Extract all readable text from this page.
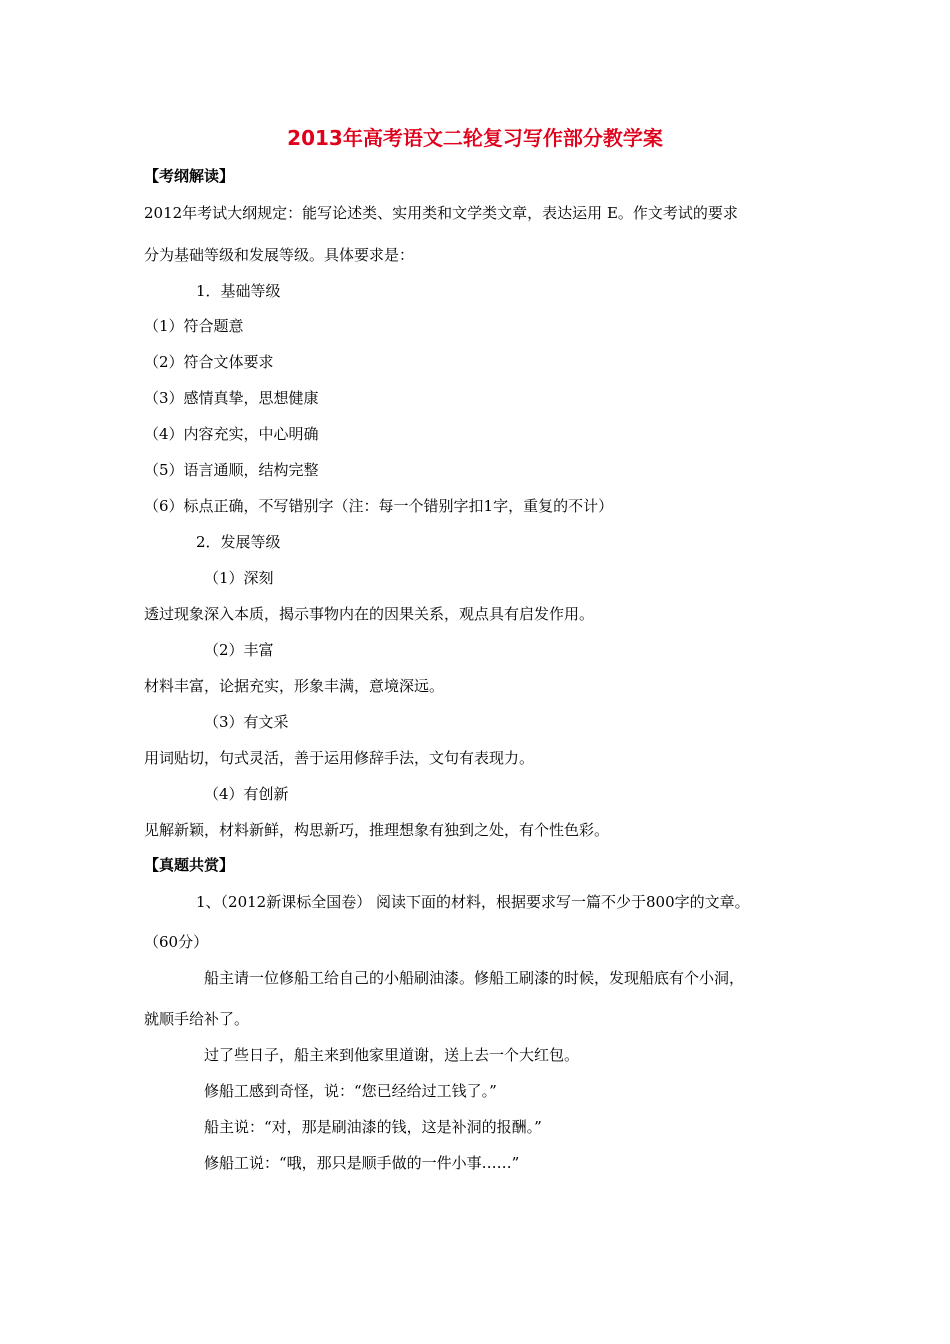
2013年高考语文二轮复习写作部分教学案
【考纲解读】
2012年考试大纲规定：能写论述类、实用类和文学类文章，表达运用 E。作文考试的要求
分为基础等级和发展等级。具体要求是：
1．基础等级
（1）符合题意
（2）符合文体要求
（3）感情真挚，思想健康
（4）内容充实，中心明确
（5）语言通顺，结构完整
（6）标点正确，不写错别字（注：每一个错别字扣1字，重复的不计）
2．发展等级
（1）深刻
透过现象深入本质，揭示事物内在的因果关系，观点具有启发作用。
（2）丰富
材料丰富，论据充实，形象丰满，意境深远。
（3）有文采
用词贴切，句式灵活，善于运用修辞手法，文句有表现力。
（4）有创新
见解新颖，材料新鲜，构思新巧，推理想象有独到之处，有个性色彩。
【真题共赏】
1、（2012新课标全国卷） 阅读下面的材料，根据要求写一篇不少于800字的文章。
（60分）
船主请一位修船工给自己的小船刷油漆。修船工刷漆的时候，发现船底有个小洞，
就顺手给补了。
过了些日子，船主来到他家里道谢，送上去一个大红包。
修船工感到奇怪，说：“您已经给过工钱了。”
船主说：“对，那是刷油漆的钱，这是补洞的报酬。”
修船工说：“哦，那只是顺手做的一件小事……”
